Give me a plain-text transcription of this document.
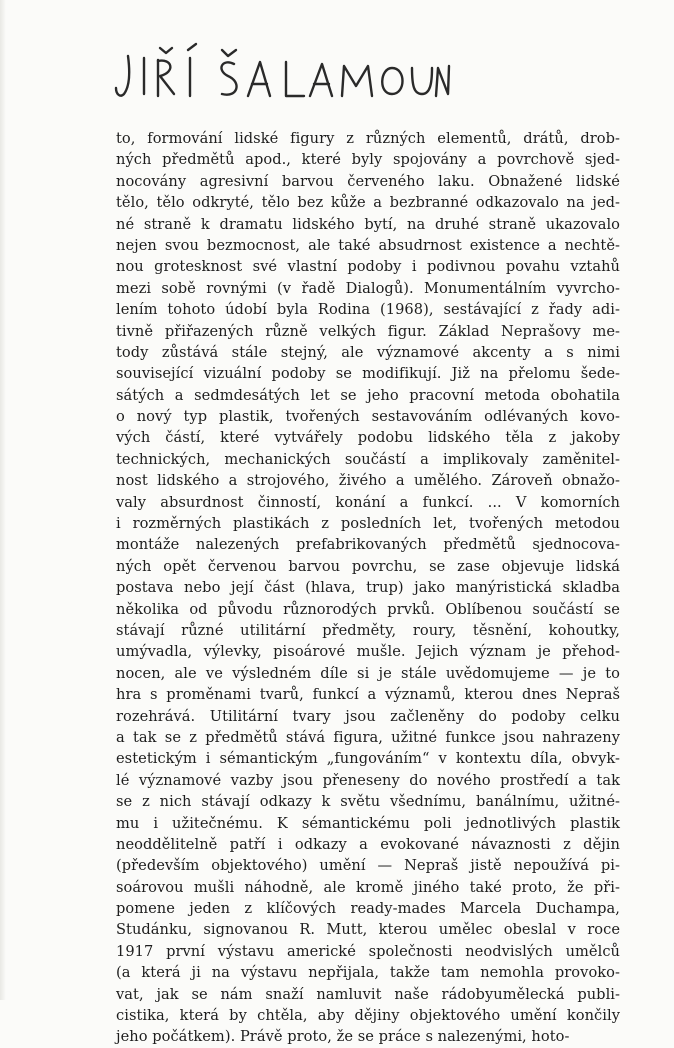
to, formování lidské figury z různých elementů, drátů, drob-
ných předmětů apod., které byly spojovány a povrchově sjed-
nocovány agresivní barvou červeného laku. Obnažené lidské
tělo, tělo odkryté, tělo bez kůže a bezbranné odkazovalo na jed-
né straně k dramatu lidského bytí, na druhé straně ukazovalo
nejen svou bezmocnost, ale také absudrnost existence a nechtě-
nou grotesknost své vlastní podoby i podivnou povahu vztahů
mezi sobě rovnými (v řadě Dialogů). Monumentálním vyvrcho-
lením tohoto údobí byla Rodina (1968), sestávající z řady adi-
tivně přiřazených různě velkých figur. Základ Neprašovy me-
tody zůstává stále stejný, ale významové akcenty a s nimi
související vizuální podoby se modifikují. Již na přelomu šede-
sátých a sedmdesátých let se jeho pracovní metoda obohatila
o nový typ plastik, tvořených sestavováním odlévaných kovo-
vých částí, které vytvářely podobu lidského těla z jakoby
technických, mechanických součástí a implikovaly zaměnitel-
nost lidského a strojového, živého a umělého. Zároveň obnažo-
valy absurdnost činností, konání a funkcí. ... V komorních
i rozměrných plastikách z posledních let, tvořených metodou
montáže nalezených prefabrikovaných předmětů sjednocova-
ných opět červenou barvou povrchu, se zase objevuje lidská
postava nebo její část (hlava, trup) jako manýristická skladba
několika od původu různorodých prvků. Oblíbenou součástí se
stávají různé utilitární předměty, roury, těsnění, kohoutky,
umývadla, výlevky, pisoárové mušle. Jejich význam je přehod-
nocen, ale ve výsledném díle si je stále uvědomujeme — je to
hra s proměnami tvarů, funkcí a významů, kterou dnes Nepraš
rozehrává. Utilitární tvary jsou začleněny do podoby celku
a tak se z předmětů stává figura, užitné funkce jsou nahrazeny
estetickým i sémantickým „fungováním“ v kontextu díla, obvyk-
lé významové vazby jsou přeneseny do nového prostředí a tak
se z nich stávají odkazy k světu všednímu, banálnímu, užitné-
mu i užitečnému. K sémantickému poli jednotlivých plastik
neoddělitelně patří i odkazy a evokované návaznosti z dějin
(především objektového) umění — Nepraš jistě nepoužívá pi-
soárovou mušli náhodně, ale kromě jiného také proto, že při-
pomene jeden z klíčových ready-mades Marcela Duchampa,
Studánku, signovanou R. Mutt, kterou umělec obeslal v roce
1917 první výstavu americké společnosti neodvislých umělců
(a která ji na výstavu nepřijala, takže tam nemohla provoko-
vat, jak se nám snaží namluvit naše rádobyumělecká publi-
cistika, která by chtěla, aby dějiny objektového umění končily
jeho počátkem). Právě proto, že se práce s nalezenými, hoto-
